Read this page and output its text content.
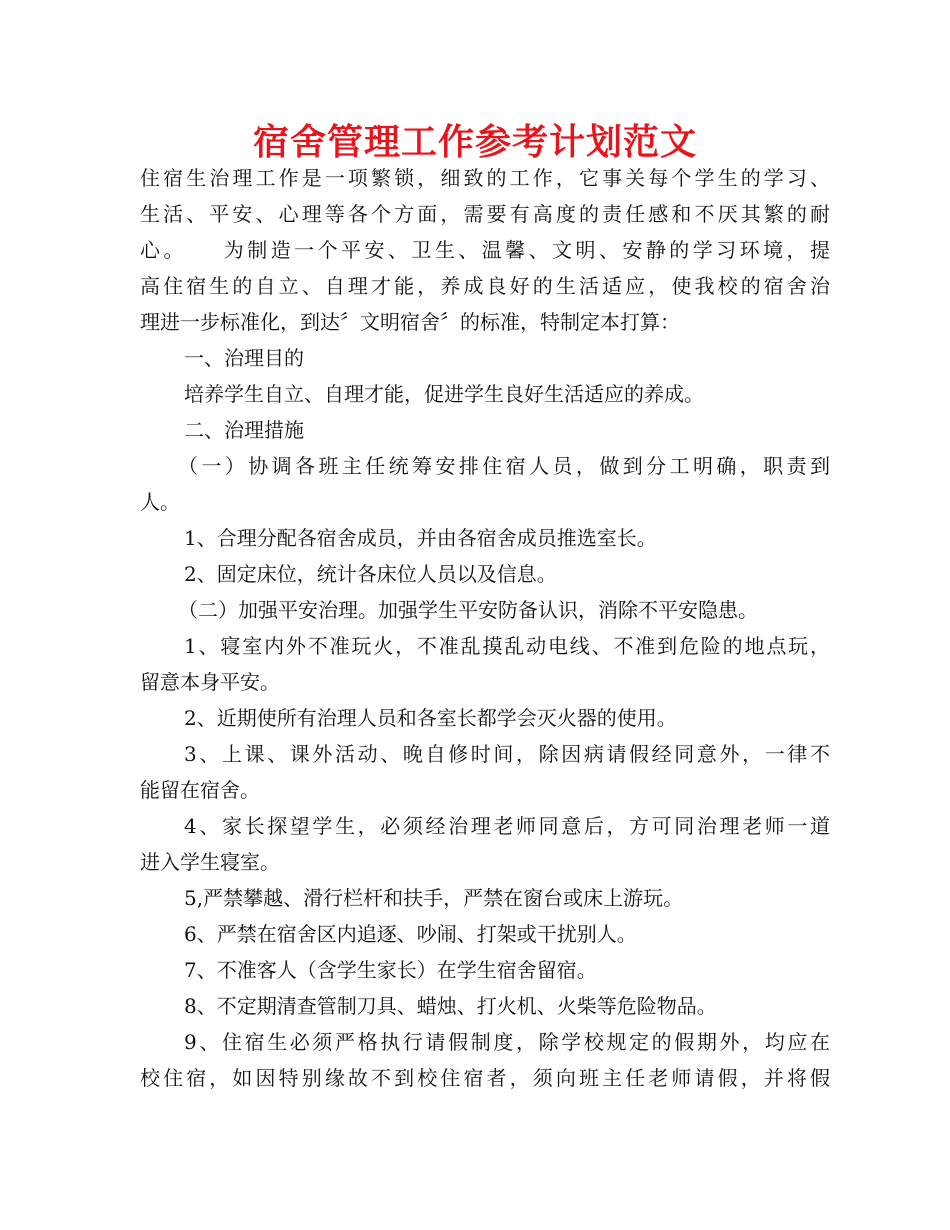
宿舍管理工作参考计划范文
住宿生治理工作是一项繁锁，细致的工作，它事关每个学生的学习、
生活、平安、心理等各个方面，需要有高度的责任感和不厌其繁的耐
心。　　为制造一个平安、卫生、温馨、文明、安静的学习环境，提
高住宿生的自立、自理才能，养成良好的生活适应，使我校的宿舍治
理进一步标准化，到达〞文明宿舍〞的标准，特制定本打算：
一、治理目的
培养学生自立、自理才能，促进学生良好生活适应的养成。
二、治理措施
（一）协调各班主任统筹安排住宿人员，做到分工明确，职责到
人。
1、合理分配各宿舍成员，并由各宿舍成员推选室长。
2、固定床位，统计各床位人员以及信息。
（二）加强平安治理。加强学生平安防备认识，消除不平安隐患。
1、寝室内外不准玩火，不准乱摸乱动电线、不准到危险的地点玩，
留意本身平安。
2、近期使所有治理人员和各室长都学会灭火器的使用。
3、上课、课外活动、晚自修时间，除因病请假经同意外，一律不
能留在宿舍。
4、家长探望学生，必须经治理老师同意后，方可同治理老师一道
进入学生寝室。
5,严禁攀越、滑行栏杆和扶手，严禁在窗台或床上游玩。
6、严禁在宿舍区内追逐、吵闹、打架或干扰别人。
7、不准客人（含学生家长）在学生宿舍留宿。
8、不定期清查管制刀具、蜡烛、打火机、火柴等危险物品。
9、住宿生必须严格执行请假制度，除学校规定的假期外，均应在
校住宿，如因特别缘故不到校住宿者，须向班主任老师请假，并将假
